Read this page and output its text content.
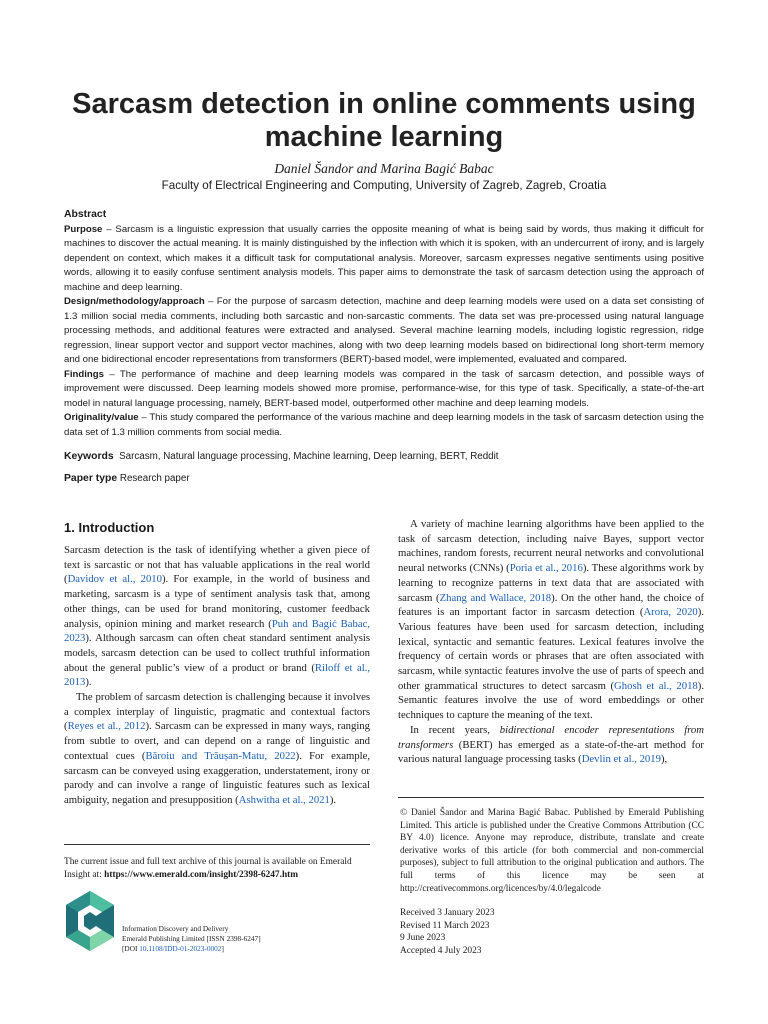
Sarcasm detection in online comments using machine learning
Daniel Šandor and Marina Bagić Babac
Faculty of Electrical Engineering and Computing, University of Zagreb, Zagreb, Croatia
Abstract

Purpose – Sarcasm is a linguistic expression that usually carries the opposite meaning of what is being said by words, thus making it difficult for machines to discover the actual meaning. It is mainly distinguished by the inflection with which it is spoken, with an undercurrent of irony, and is largely dependent on context, which makes it a difficult task for computational analysis. Moreover, sarcasm expresses negative sentiments using positive words, allowing it to easily confuse sentiment analysis models. This paper aims to demonstrate the task of sarcasm detection using the approach of machine and deep learning.

Design/methodology/approach – For the purpose of sarcasm detection, machine and deep learning models were used on a data set consisting of 1.3 million social media comments, including both sarcastic and non-sarcastic comments. The data set was pre-processed using natural language processing methods, and additional features were extracted and analysed. Several machine learning models, including logistic regression, ridge regression, linear support vector and support vector machines, along with two deep learning models based on bidirectional long short-term memory and one bidirectional encoder representations from transformers (BERT)-based model, were implemented, evaluated and compared.

Findings – The performance of machine and deep learning models was compared in the task of sarcasm detection, and possible ways of improvement were discussed. Deep learning models showed more promise, performance-wise, for this type of task. Specifically, a state-of-the-art model in natural language processing, namely, BERT-based model, outperformed other machine and deep learning models.

Originality/value – This study compared the performance of the various machine and deep learning models in the task of sarcasm detection using the data set of 1.3 million comments from social media.

Keywords Sarcasm, Natural language processing, Machine learning, Deep learning, BERT, Reddit
Paper type Research paper
1. Introduction

Sarcasm detection is the task of identifying whether a given piece of text is sarcastic or not that has valuable applications in the real world (Davidov et al., 2010). For example, in the world of business and marketing, sarcasm is a type of sentiment analysis task that, among other things, can be used for brand monitoring, customer feedback analysis, opinion mining and market research (Puh and Bagić Babac, 2023). Although sarcasm can often cheat standard sentiment analysis models, sarcasm detection can be used to collect truthful information about the general public’s view of a product or brand (Riloff et al., 2013).

The problem of sarcasm detection is challenging because it involves a complex interplay of linguistic, pragmatic and contextual factors (Reyes et al., 2012). Sarcasm can be expressed in many ways, ranging from subtle to overt, and can depend on a range of linguistic and contextual cues (Băroiu and Trăușan-Matu, 2022). For example, sarcasm can be conveyed using exaggeration, understatement, irony or parody and can involve a range of linguistic features such as lexical ambiguity, negation and presupposition (Ashwitha et al., 2021).

A variety of machine learning algorithms have been applied to the task of sarcasm detection, including naive Bayes, support vector machines, random forests, recurrent neural networks and convolutional neural networks (CNNs) (Poria et al., 2016). These algorithms work by learning to recognize patterns in text data that are associated with sarcasm (Zhang and Wallace, 2018). On the other hand, the choice of features is an important factor in sarcasm detection (Arora, 2020). Various features have been used for sarcasm detection, including lexical, syntactic and semantic features. Lexical features involve the frequency of certain words or phrases that are often associated with sarcasm, while syntactic features involve the use of parts of speech and other grammatical structures to detect sarcasm (Ghosh et al., 2018). Semantic features involve the use of word embeddings or other techniques to capture the meaning of the text.

In recent years, bidirectional encoder representations from transformers (BERT) has emerged as a state-of-the-art method for various natural language processing tasks (Devlin et al., 2019),

The current issue and full text archive of this journal is available on Emerald Insight at: https://www.emerald.com/insight/2398-6247.htm
Information Discovery and Delivery
Emerald Publishing Limited [ISSN 2398-6247]
[DOI 10.1108/IDD-01-2023-0002]
© Daniel Šandor and Marina Bagić Babac. Published by Emerald Publishing Limited. This article is published under the Creative Commons Attribution (CC BY 4.0) licence. Anyone may reproduce, distribute, translate and create derivative works of this article (for both commercial and non-commercial purposes), subject to full attribution to the original publication and authors. The full terms of this licence may be seen at http://creativecommons.org/licences/by/4.0/legalcode
Received 3 January 2023
Revised 11 March 2023
9 June 2023
Accepted 4 July 2023
